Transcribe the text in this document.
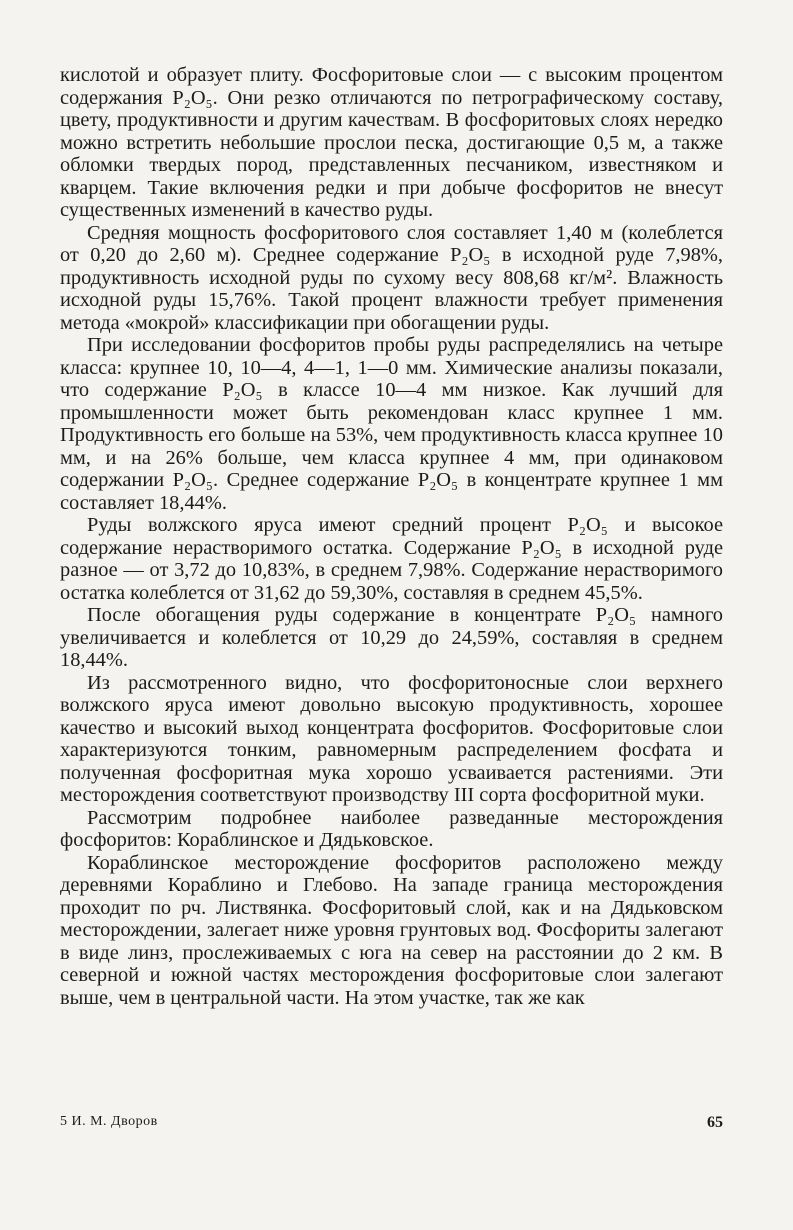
кислотой и образует плиту. Фосфоритовые слои — с высоким процентом содержания P₂O₅. Они резко отличаются по петрографическому составу, цвету, продуктивности и другим качествам. В фосфоритовых слоях нередко можно встретить небольшие прослои песка, достигающие 0,5 м, а также обломки твердых пород, представленных песчаником, известняком и кварцем. Такие включения редки и при добыче фосфоритов не внесут существенных изменений в качество руды.

Средняя мощность фосфоритового слоя составляет 1,40 м (колеблется от 0,20 до 2,60 м). Среднее содержание P₂O₅ в исходной руде 7,98%, продуктивность исходной руды по сухому весу 808,68 кг/м². Влажность исходной руды 15,76%. Такой процент влажности требует применения метода «мокрой» классификации при обогащении руды.

При исследовании фосфоритов пробы руды распределялись на четыре класса: крупнее 10, 10—4, 4—1, 1—0 мм. Химические анализы показали, что содержание P₂O₅ в классе 10—4 мм низкое. Как лучший для промышленности может быть рекомендован класс крупнее 1 мм. Продуктивность его больше на 53%, чем продуктивность класса крупнее 10 мм, и на 26% больше, чем класса крупнее 4 мм, при одинаковом содержании P₂O₅. Среднее содержание P₂O₅ в концентрате крупнее 1 мм составляет 18,44%.

Руды волжского яруса имеют средний процент P₂O₅ и высокое содержание нерастворимого остатка. Содержание P₂O₅ в исходной руде разное — от 3,72 до 10,83%, в среднем 7,98%. Содержание нерастворимого остатка колеблется от 31,62 до 59,30%, составляя в среднем 45,5%.

После обогащения руды содержание в концентрате P₂O₅ намного увеличивается и колеблется от 10,29 до 24,59%, составляя в среднем 18,44%.

Из рассмотренного видно, что фосфоритоносные слои верхнего волжского яруса имеют довольно высокую продуктивность, хорошее качество и высокий выход концентрата фосфоритов. Фосфоритовые слои характеризуются тонким, равномерным распределением фосфата и полученная фосфоритная мука хорошо усваивается растениями. Эти месторождения соответствуют производству III сорта фосфоритной муки.

Рассмотрим подробнее наиболее разведанные месторождения фосфоритов: Кораблинское и Дядьковское.

Кораблинское месторождение фосфоритов расположено между деревнями Кораблино и Глебово. На западе граница месторождения проходит по рч. Листвянка. Фосфоритовый слой, как и на Дядьковском месторождении, залегает ниже уровня грунтовых вод. Фосфориты залегают в виде линз, прослеживаемых с юга на север на расстоянии до 2 км. В северной и южной частях месторождения фосфоритовые слои залегают выше, чем в центральной части. На этом участке, так же как

5 И. М. Дворов	65
